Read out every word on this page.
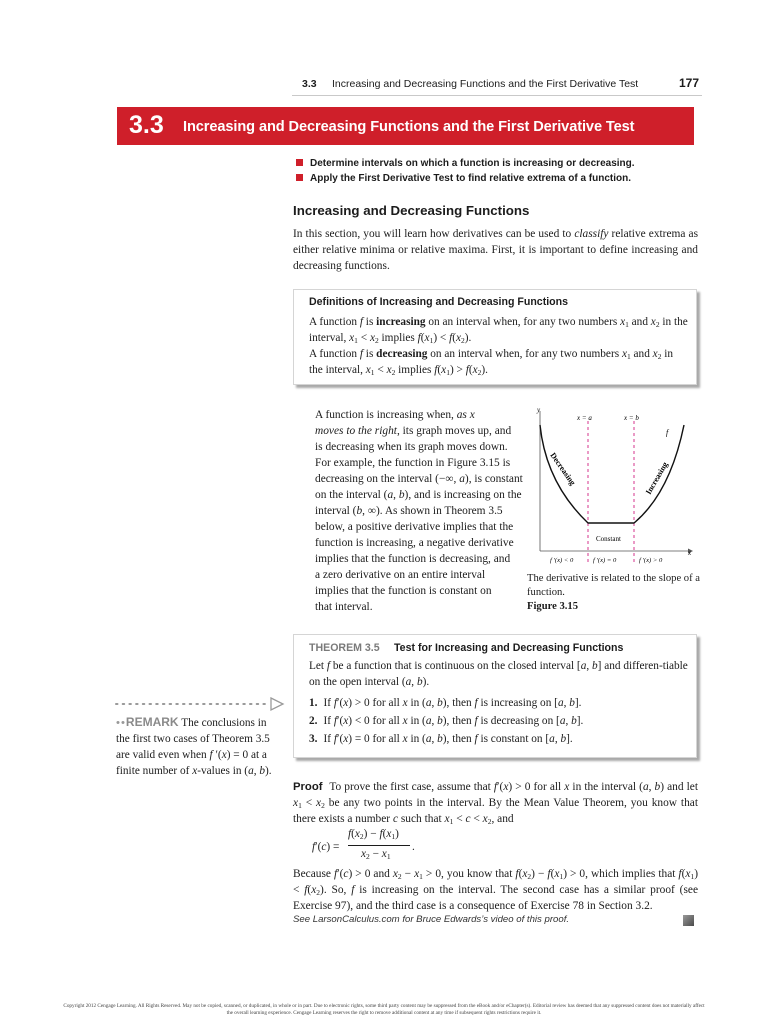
3.3 Increasing and Decreasing Functions and the First Derivative Test	177
3.3 Increasing and Decreasing Functions and the First Derivative Test
Determine intervals on which a function is increasing or decreasing.
Apply the First Derivative Test to find relative extrema of a function.
Increasing and Decreasing Functions
In this section, you will learn how derivatives can be used to classify relative extrema as either relative minima or relative maxima. First, it is important to define increasing and decreasing functions.
Definitions of Increasing and Decreasing Functions
A function f is increasing on an interval when, for any two numbers $x_1$ and $x_2$ in the interval, $x_1 < x_2$ implies $f(x_1) < f(x_2)$.
A function f is decreasing on an interval when, for any two numbers $x_1$ and $x_2$ in the interval, $x_1 < x_2$ implies $f(x_1) > f(x_2)$.
A function is increasing when, as x
moves to the right, its graph moves up, and
is decreasing when its graph moves down.
For example, the function in Figure 3.15 is
decreasing on the interval (−∞, a), is constant
on the interval (a, b), and is increasing on the
interval (b, ∞). As shown in Theorem 3.5
below, a positive derivative implies that the
function is increasing, a negative derivative
implies that the function is decreasing, and
a zero derivative on an entire interval
implies that the function is constant on
that interval.
y
x
x = a	x = b
f
Decreasing	Increasing
Constant
f ′(x) < 0	f ′(x) = 0	f ′(x) > 0
The derivative is related to the slope of a function.
Figure 3.15
THEOREM 3.5 Test for Increasing and Decreasing Functions
Let f be a function that is continuous on the closed interval [a, b] and differen-tiable on the open interval (a, b).
1. If f′(x) > 0 for all x in (a, b), then f is increasing on [a, b].
2. If f′(x) < 0 for all x in (a, b), then f is decreasing on [a, b].
3. If f′(x) = 0 for all x in (a, b), then f is constant on [a, b].
••REMARK The conclusions in the first two cases of Theorem 3.5 are valid even when f ′(x) = 0 at a finite number of x-values in (a, b).
Proof To prove the first case, assume that f′(x) > 0 for all x in the interval (a, b) and let $x_1 < x_2$ be any two points in the interval. By the Mean Value Theorem, you know that there exists a number c such that $x_1 < c < x_2$, and
f′(c) =
$f(x_2) - f(x_1)$
$x_2 - x_1$
.
Because f′(c) > 0 and $x_2 - x_1 > 0$, you know that $f(x_2) - f(x_1) > 0$, which implies that $f(x_1) < f(x_2)$. So, f is increasing on the interval. The second case has a similar proof (see Exercise 97), and the third case is a consequence of Exercise 78 in Section 3.2.
See LarsonCalculus.com for Bruce Edwards’s video of this proof.
Copyright 2012 Cengage Learning. All Rights Reserved. May not be copied, scanned, or duplicated, in whole or in part. Due to electronic rights, some third party content may be suppressed from the eBook and/or eChapter(s). Editorial review has deemed that any suppressed content does not materially affect the overall learning experience. Cengage Learning reserves the right to remove additional content at any time if subsequent rights restrictions require it.
